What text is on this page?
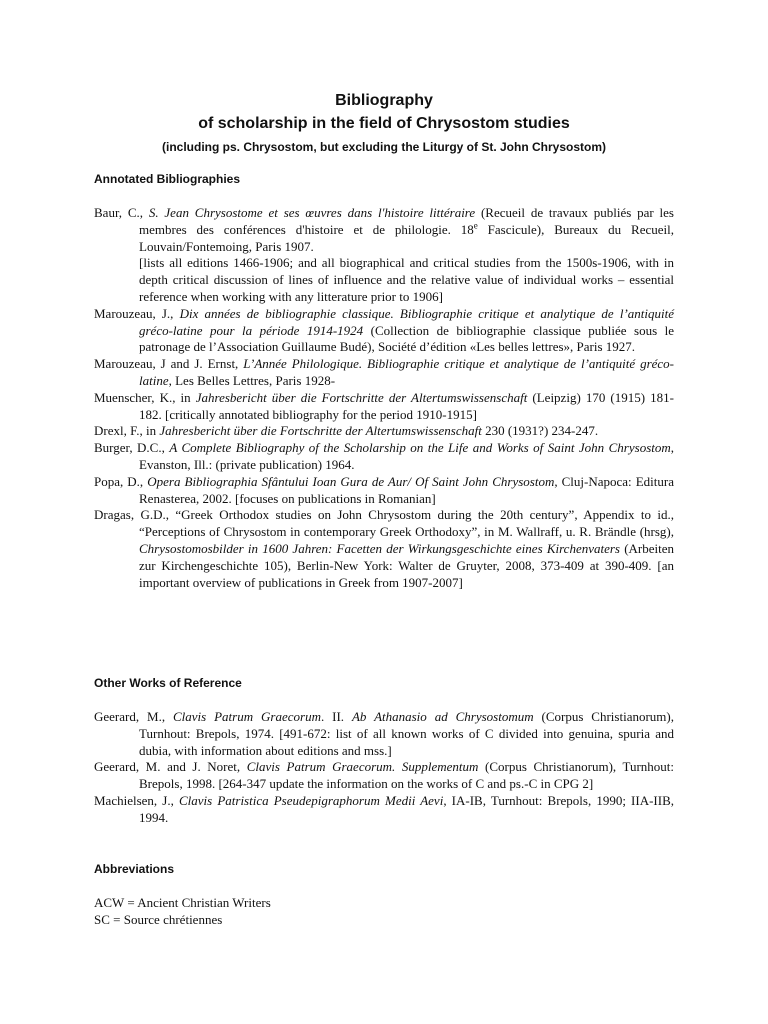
Bibliography
of scholarship in the field of Chrysostom studies
(including ps. Chrysostom, but excluding the Liturgy of St. John Chrysostom)
Annotated Bibliographies

Baur, C., S. Jean Chrysostome et ses œuvres dans l'histoire littéraire (Recueil de travaux publiés par les membres des conférences d'histoire et de philologie. 18e Fascicule), Bureaux du Recueil, Louvain/Fontemoing, Paris 1907.

[lists all editions 1466-1906; and all biographical and critical studies from the 1500s-1906, with in depth critical discussion of lines of influence and the relative value of individual works – essential reference when working with any litterature prior to 1906]

Marouzeau, J., Dix années de bibliographie classique. Bibliographie critique et analytique de l’antiquité gréco-latine pour la période 1914-1924 (Collection de bibliographie classique publiée sous le patronage de l’Association Guillaume Budé), Société d’édition «Les belles lettres», Paris 1927.

Marouzeau, J and J. Ernst, L’Année Philologique. Bibliographie critique et analytique de l’antiquité gréco-latine, Les Belles Lettres, Paris 1928-

Muenscher, K., in Jahresbericht über die Fortschritte der Altertumswissenschaft (Leipzig) 170 (1915) 181-182. [critically annotated bibliography for the period 1910-1915]

Drexl, F., in Jahresbericht über die Fortschritte der Altertumswissenschaft 230 (1931?) 234-247.

Burger, D.C., A Complete Bibliography of the Scholarship on the Life and Works of Saint John Chrysostom, Evanston, Ill.: (private publication) 1964.

Popa, D., Opera Bibliographia Sfântului Ioan Gura de Aur/ Of Saint John Chrysostom, Cluj-Napoca: Editura Renasterea, 2002. [focuses on publications in Romanian]

Dragas, G.D., “Greek Orthodox studies on John Chrysostom during the 20th century”, Appendix to id., “Perceptions of Chrysostom in contemporary Greek Orthodoxy”, in M. Wallraff, u. R. Brändle (hrsg), Chrysostomosbilder in 1600 Jahren: Facetten der Wirkungsgeschichte eines Kirchenvaters (Arbeiten zur Kirchengeschichte 105), Berlin-New York: Walter de Gruyter, 2008, 373-409 at 390-409. [an important overview of publications in Greek from 1907-2007]

Other Works of Reference

Geerard, M., Clavis Patrum Graecorum. II. Ab Athanasio ad Chrysostomum (Corpus Christianorum), Turnhout: Brepols, 1974. [491-672: list of all known works of C divided into genuina, spuria and dubia, with information about editions and mss.]

Geerard, M. and J. Noret, Clavis Patrum Graecorum. Supplementum (Corpus Christianorum), Turnhout: Brepols, 1998. [264-347 update the information on the works of C and ps.-C in CPG 2]

Machielsen, J., Clavis Patristica Pseudepigraphorum Medii Aevi, IA-IB, Turnhout: Brepols, 1990; IIA-IIB, 1994.

Abbreviations
ACW = Ancient Christian Writers
SC = Source chrétiennes
